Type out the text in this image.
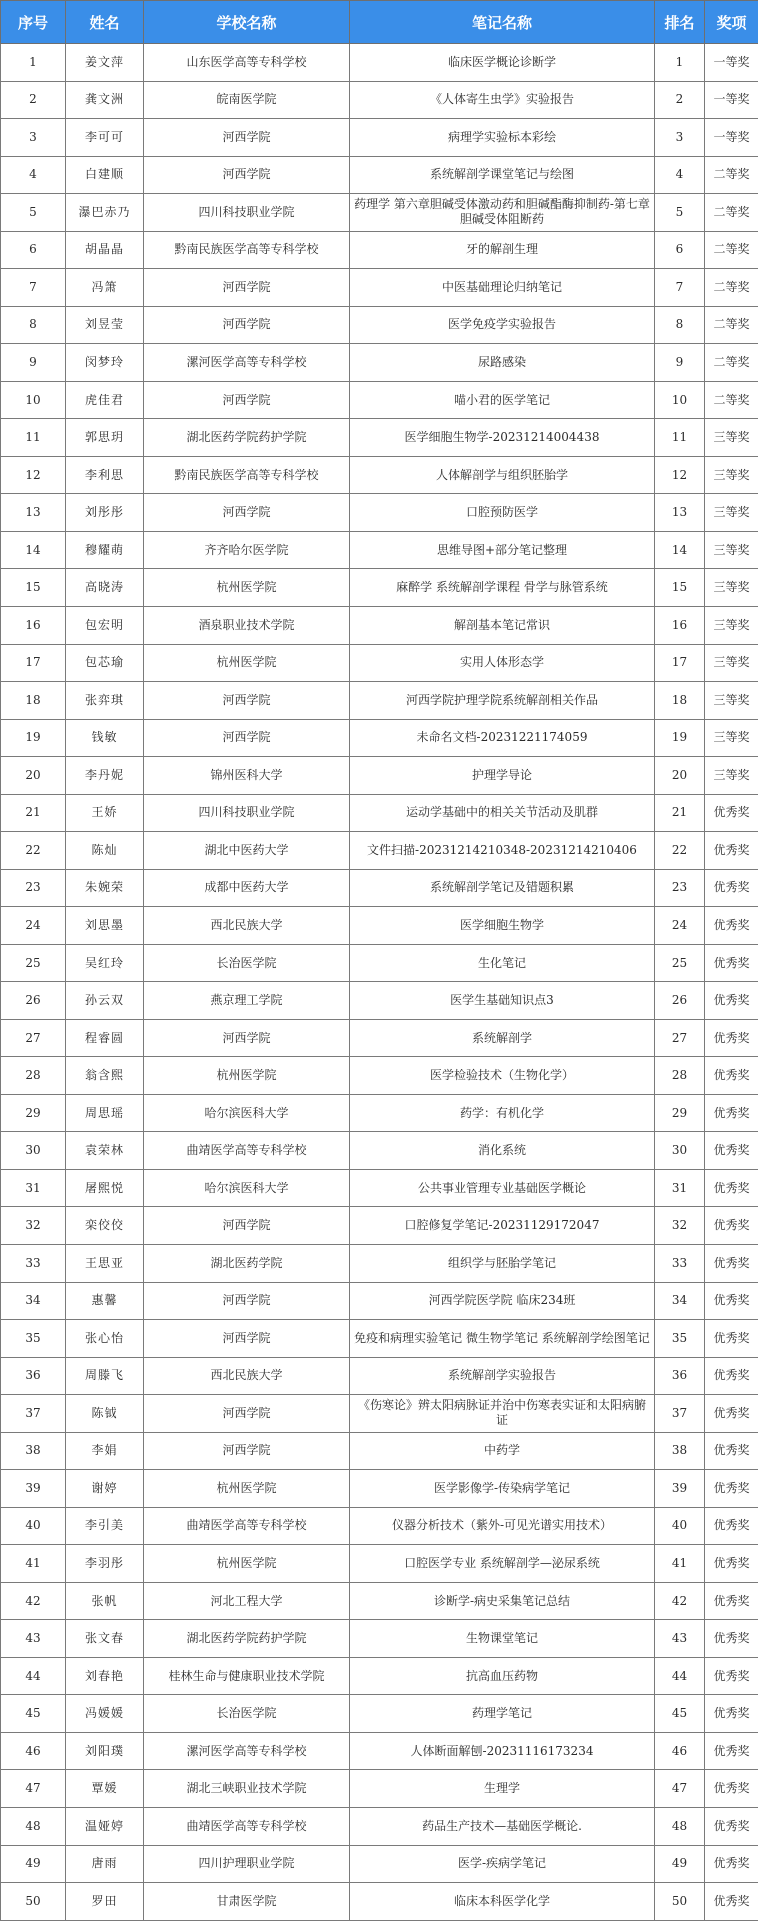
序号	姓名	学校名称	笔记名称	排名	奖项
1	姜文萍	山东医学高等专科学校	临床医学概论诊断学	1	一等奖
2	龚文洲	皖南医学院	《人体寄生虫学》实验报告	2	一等奖
3	李可可	河西学院	病理学实验标本彩绘	3	一等奖
4	白建顺	河西学院	系统解剖学课堂笔记与绘图	4	二等奖
5	瀑巴赤乃	四川科技职业学院	药理学 第六章胆碱受体激动药和胆碱酯酶抑制药-第七章胆碱受体阻断药	5	二等奖
6	胡晶晶	黔南民族医学高等专科学校	牙的解剖生理	6	二等奖
7	冯箫	河西学院	中医基础理论归纳笔记	7	二等奖
8	刘昱莹	河西学院	医学免疫学实验报告	8	二等奖
9	闵梦玲	漯河医学高等专科学校	尿路感染	9	二等奖
10	虎佳君	河西学院	喵小君的医学笔记	10	二等奖
11	郭思玥	湖北医药学院药护学院	医学细胞生物学-20231214004438	11	三等奖
12	李利思	黔南民族医学高等专科学校	人体解剖学与组织胚胎学	12	三等奖
13	刘彤彤	河西学院	口腔预防医学	13	三等奖
14	穆耀萌	齐齐哈尔医学院	思维导图+部分笔记整理	14	三等奖
15	高晓涛	杭州医学院	麻醉学 系统解剖学课程 骨学与脉管系统	15	三等奖
16	包宏明	酒泉职业技术学院	解剖基本笔记常识	16	三等奖
17	包芯瑜	杭州医学院	实用人体形态学	17	三等奖
18	张弈琪	河西学院	河西学院护理学院系统解剖相关作品	18	三等奖
19	钱敏	河西学院	未命名文档-20231221174059	19	三等奖
20	李丹妮	锦州医科大学	护理学导论	20	三等奖
21	王娇	四川科技职业学院	运动学基础中的相关关节活动及肌群	21	优秀奖
22	陈灿	湖北中医药大学	文件扫描-20231214210348-20231214210406	22	优秀奖
23	朱婉荣	成都中医药大学	系统解剖学笔记及错题积累	23	优秀奖
24	刘思墨	西北民族大学	医学细胞生物学	24	优秀奖
25	吴红玲	长治医学院	生化笔记	25	优秀奖
26	孙云双	燕京理工学院	医学生基础知识点3	26	优秀奖
27	程睿圆	河西学院	系统解剖学	27	优秀奖
28	翁含熙	杭州医学院	医学检验技术（生物化学）	28	优秀奖
29	周思瑶	哈尔滨医科大学	药学：有机化学	29	优秀奖
30	袁荣林	曲靖医学高等专科学校	消化系统	30	优秀奖
31	屠熙悦	哈尔滨医科大学	公共事业管理专业基础医学概论	31	优秀奖
32	栾佼佼	河西学院	口腔修复学笔记-20231129172047	32	优秀奖
33	王思亚	湖北医药学院	组织学与胚胎学笔记	33	优秀奖
34	惠馨	河西学院	河西学院医学院 临床234班	34	优秀奖
35	张心怡	河西学院	免疫和病理实验笔记 微生物学笔记 系统解剖学绘图笔记	35	优秀奖
36	周滕飞	西北民族大学	系统解剖学实验报告	36	优秀奖
37	陈钺	河西学院	《伤寒论》辨太阳病脉证并治中伤寒表实证和太阳病腑证	37	优秀奖
38	李娟	河西学院	中药学	38	优秀奖
39	谢婷	杭州医学院	医学影像学-传染病学笔记	39	优秀奖
40	李引美	曲靖医学高等专科学校	仪器分析技术（紫外-可见光谱实用技术）	40	优秀奖
41	李羽彤	杭州医学院	口腔医学专业 系统解剖学—泌尿系统	41	优秀奖
42	张帆	河北工程大学	诊断学-病史采集笔记总结	42	优秀奖
43	张文春	湖北医药学院药护学院	生物课堂笔记	43	优秀奖
44	刘春艳	桂林生命与健康职业技术学院	抗高血压药物	44	优秀奖
45	冯媛媛	长治医学院	药理学笔记	45	优秀奖
46	刘阳璞	漯河医学高等专科学校	人体断面解刨-20231116173234	46	优秀奖
47	覃媛	湖北三峡职业技术学院	生理学	47	优秀奖
48	温娅婷	曲靖医学高等专科学校	药品生产技术—基础医学概论.	48	优秀奖
49	唐雨	四川护理职业学院	医学-疾病学笔记	49	优秀奖
50	罗田	甘肃医学院	临床本科医学化学	50	优秀奖
